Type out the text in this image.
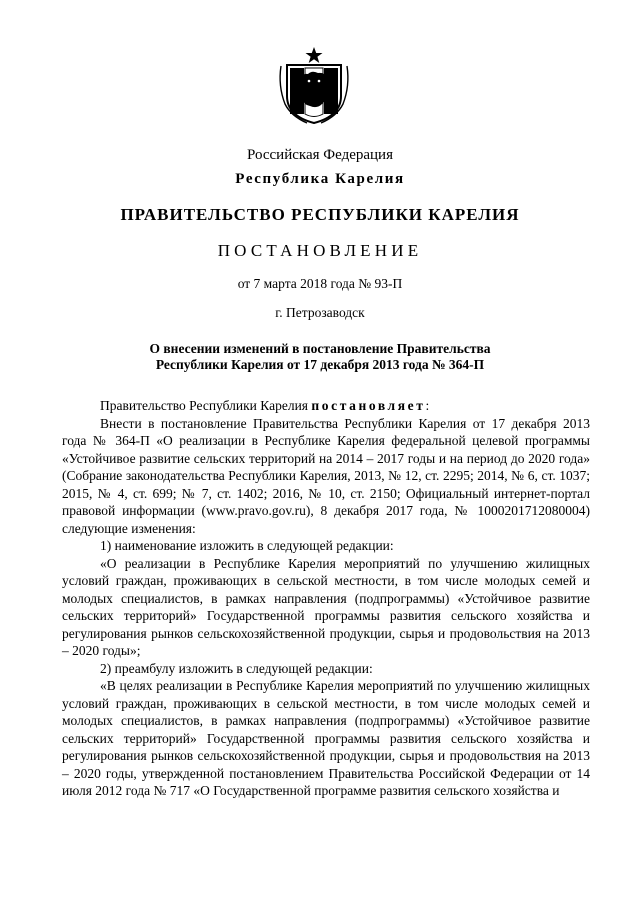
Российская Федерация
Республика Карелия
ПРАВИТЕЛЬСТВО РЕСПУБЛИКИ КАРЕЛИЯ
ПОСТАНОВЛЕНИЕ
от 7 марта 2018 года № 93-П
г. Петрозаводск
О внесении изменений в постановление Правительства
Республики Карелия от 17 декабря 2013 года № 364-П

Правительство Республики Карелия постановляет:

Внести в постановление Правительства Республики Карелия от 17 декабря 2013 года № 364-П «О реализации в Республике Карелия федеральной целевой программы «Устойчивое развитие сельских территорий на 2014 – 2017 годы и на период до 2020 года» (Собрание законодательства Республики Карелия, 2013, № 12, ст. 2295; 2014, № 6, ст. 1037; 2015, № 4, ст. 699; № 7, ст. 1402; 2016, № 10, ст. 2150; Официальный интернет-портал правовой информации (www.pravo.gov.ru), 8 декабря 2017 года, № 1000201712080004) следующие изменения:

1) наименование изложить в следующей редакции:

«О реализации в Республике Карелия мероприятий по улучшению жилищных условий граждан, проживающих в сельской местности, в том числе молодых семей и молодых специалистов, в рамках направления (подпрограммы) «Устойчивое развитие сельских территорий» Государственной программы развития сельского хозяйства и регулирования рынков сельскохозяйственной продукции, сырья и продовольствия на 2013 – 2020 годы»;

2) преамбулу изложить в следующей редакции:

«В целях реализации в Республике Карелия мероприятий по улучшению жилищных условий граждан, проживающих в сельской местности, в том числе молодых семей и молодых специалистов, в рамках направления (подпрограммы) «Устойчивое развитие сельских территорий» Государственной программы развития сельского хозяйства и регулирования рынков сельскохозяйственной продукции, сырья и продовольствия на 2013 – 2020 годы, утвержденной постановлением Правительства Российской Федерации от 14 июля 2012 года № 717 «О Государственной программе развития сельского хозяйства и
